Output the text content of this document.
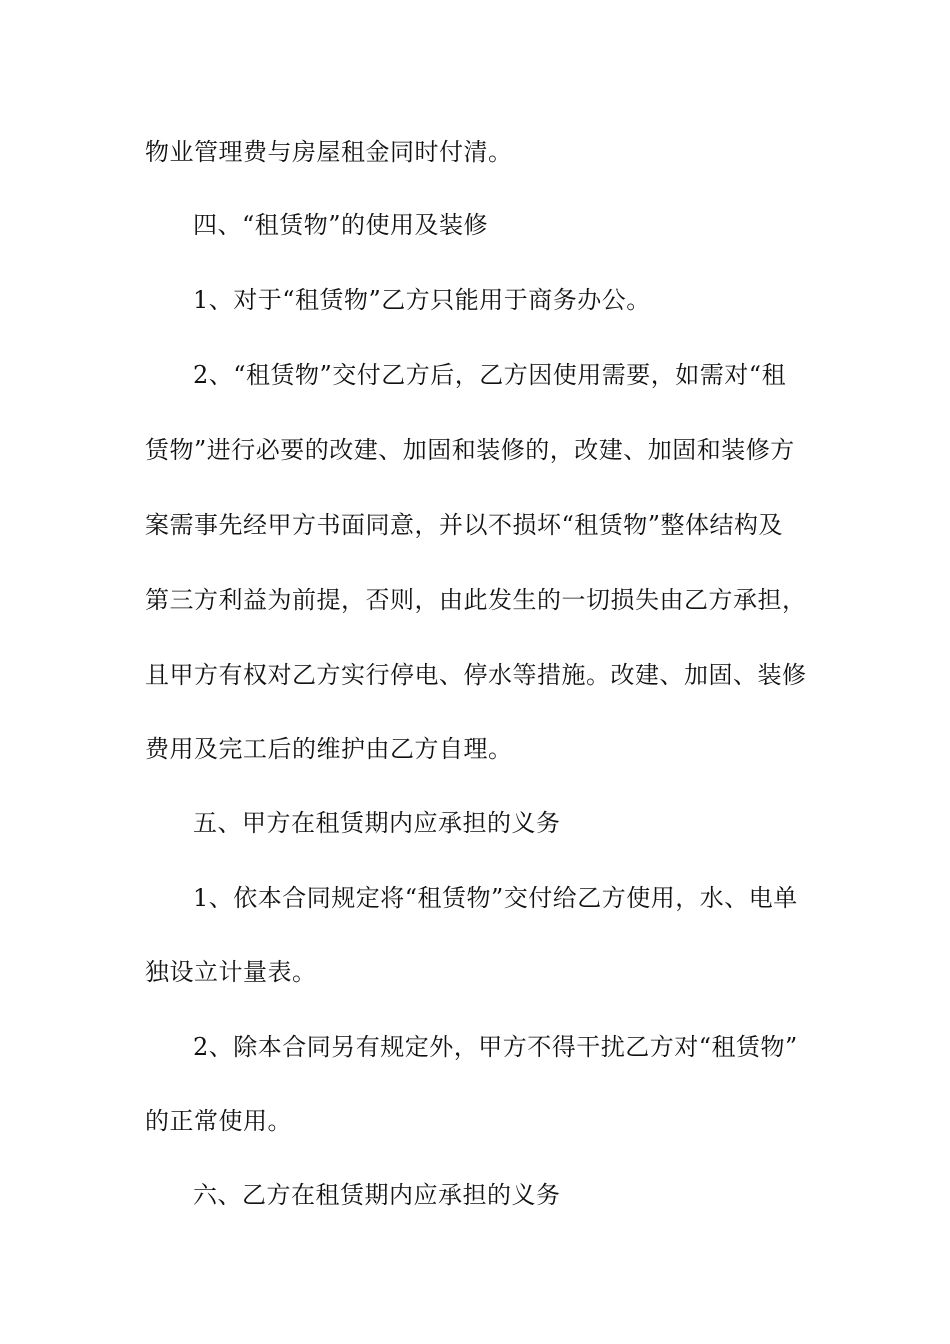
物业管理费与房屋租金同时付清。
四、“租赁物”的使用及装修
1、对于“租赁物”乙方只能用于商务办公。
2、“租赁物”交付乙方后，乙方因使用需要，如需对“租
赁物”进行必要的改建、加固和装修的，改建、加固和装修方
案需事先经甲方书面同意，并以不损坏“租赁物”整体结构及
第三方利益为前提，否则，由此发生的一切损失由乙方承担，
且甲方有权对乙方实行停电、停水等措施。改建、加固、装修
费用及完工后的维护由乙方自理。
五、甲方在租赁期内应承担的义务
1、依本合同规定将“租赁物”交付给乙方使用，水、电单
独设立计量表。
2、除本合同另有规定外，甲方不得干扰乙方对“租赁物”
的正常使用。
六、乙方在租赁期内应承担的义务
